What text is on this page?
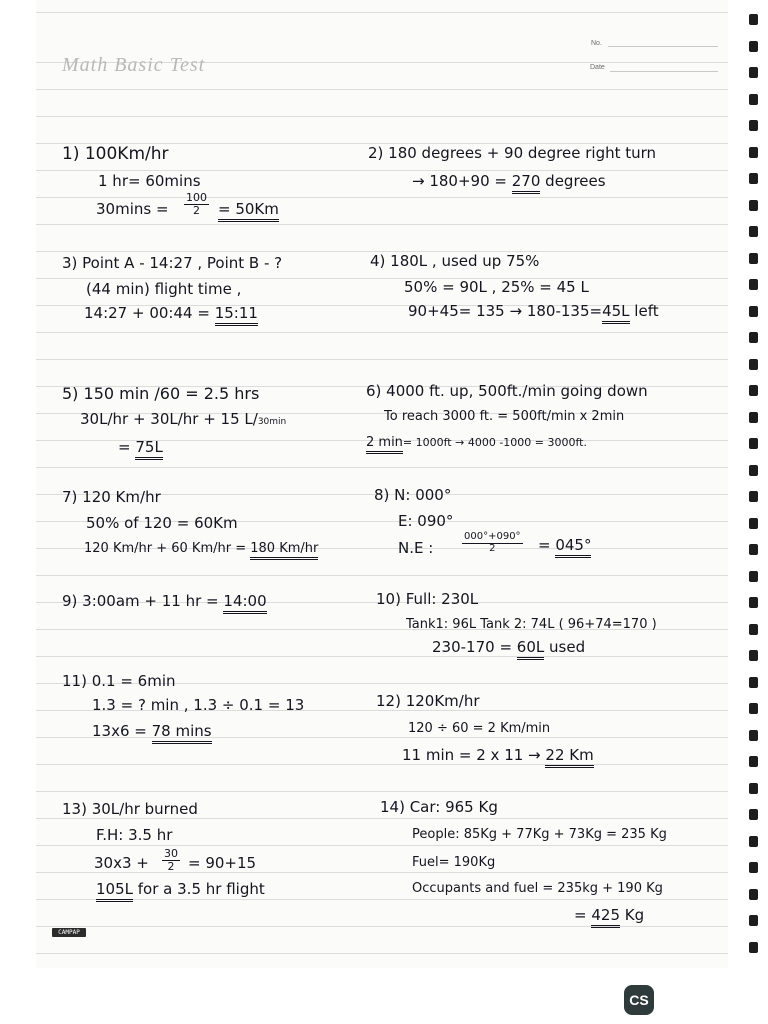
No.
Date
Math Basic Test
1) 100Km/hr
1 hr= 60mins
$30\min s = \frac{100}{2} = 50Km$
2) 180 degrees + 90 degree right turn
→ 180+90 = 270 degrees
3) Point A - 14:27 , Point B - ?
(44 min) flight time ,
14:27 + 00:44 = 15:11
4) 180L , used up 75%
50% = 90L , 25% = 45 L
90+45= 135 → 180-135=45L left
5) 150 min /60 = 2.5 hrs
30L/hr + 30L/hr + 15 L/30min
= 75L
6) 4000 ft. up, 500ft./min going down
To reach 3000 ft. = 500ft/min x 2min
2 min= 1000ft → 4000 -1000 = 3000ft.
7) 120 Km/hr
50% of 120 = 60Km
120 Km/hr + 60 Km/hr = 180 Km/hr
8) N: 000°
E: 090°
N.E :	$\frac{000^\circ+090^\circ}{2} = 045^\circ$
9) 3:00am + 11 hr = 14:00	10) Full: 230L
Tank1: 96L Tank 2: 74L ( 96+74=170 )
230-170 = 60L used
11) 0.1 = 6min
1.3 = ? min , 1.3 ÷ 0.1 = 13
13x6 = 78 mins
12) 120Km/hr
120 ÷ 60 = 2 Km/min
11 min = 2 x 11 → 22 Km
13) 30L/hr burned
F.H: 3.5 hr
$30x3 + \frac{30}{2} = 90+15$
105L for a 3.5 hr flight
14) Car: 965 Kg
People: 85Kg + 77Kg + 73Kg = 235 Kg
Fuel= 190Kg
Occupants and fuel = 235kg + 190 Kg
= 425 Kg
CAMPAP
CS
